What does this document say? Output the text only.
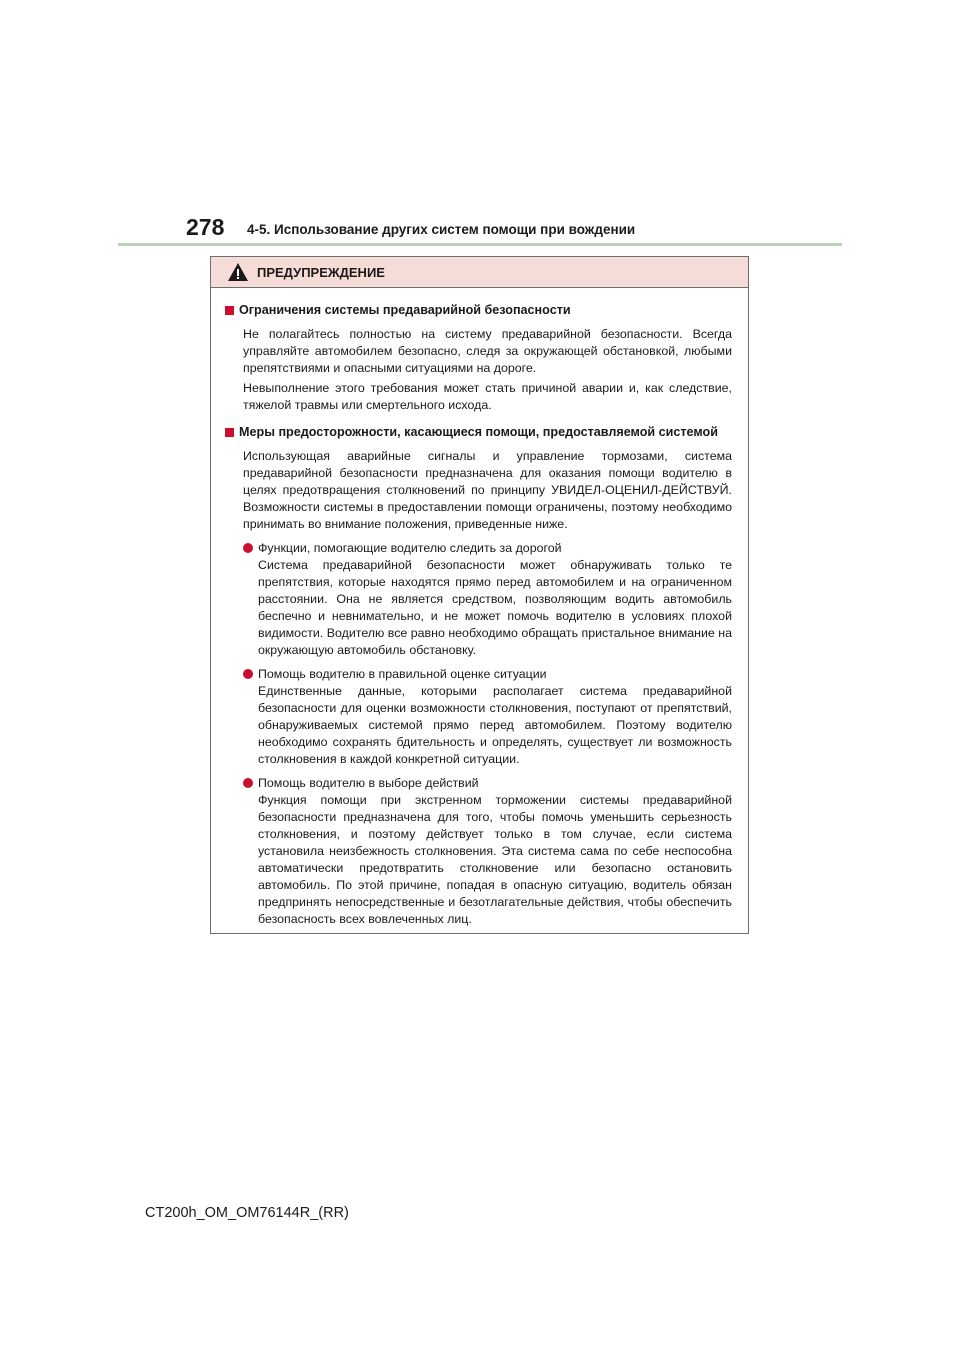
278 4-5. Использование других систем помощи при вождении
ПРЕДУПРЕЖДЕНИЕ
Ограничения системы предаварийной безопасности
Не полагайтесь полностью на систему предаварийной безопасности. Всегда управляйте автомобилем безопасно, следя за окружающей обстановкой, любыми препятствиями и опасными ситуациями на дороге.
Невыполнение этого требования может стать причиной аварии и, как следствие, тяжелой травмы или смертельного исхода.
Меры предосторожности, касающиеся помощи, предоставляемой системой
Использующая аварийные сигналы и управление тормозами, система предаварийной безопасности предназначена для оказания помощи водителю в целях предотвращения столкновений по принципу УВИДЕЛ-ОЦЕНИЛ-ДЕЙСТВУЙ. Возможности системы в предоставлении помощи ограничены, поэтому необходимо принимать во внимание положения, приведенные ниже.
Функции, помогающие водителю следить за дорогой
Система предаварийной безопасности может обнаруживать только те препятствия, которые находятся прямо перед автомобилем и на ограниченном расстоянии. Она не является средством, позволяющим водить автомобиль беспечно и невнимательно, и не может помочь водителю в условиях плохой видимости. Водителю все равно необходимо обращать пристальное внимание на окружающую автомобиль обстановку.
Помощь водителю в правильной оценке ситуации
Единственные данные, которыми располагает система предаварийной безопасности для оценки возможности столкновения, поступают от препятствий, обнаруживаемых системой прямо перед автомобилем. Поэтому водителю необходимо сохранять бдительность и определять, существует ли возможность столкновения в каждой конкретной ситуации.
Помощь водителю в выборе действий
Функция помощи при экстренном торможении системы предаварийной безопасности предназначена для того, чтобы помочь уменьшить серьезность столкновения, и поэтому действует только в том случае, если система установила неизбежность столкновения. Эта система сама по себе неспособна автоматически предотвратить столкновение или безопасно остановить автомобиль. По этой причине, попадая в опасную ситуацию, водитель обязан предпринять непосредственные и безотлагательные действия, чтобы обеспечить безопасность всех вовлеченных лиц.
CT200h_OM_OM76144R_(RR)
